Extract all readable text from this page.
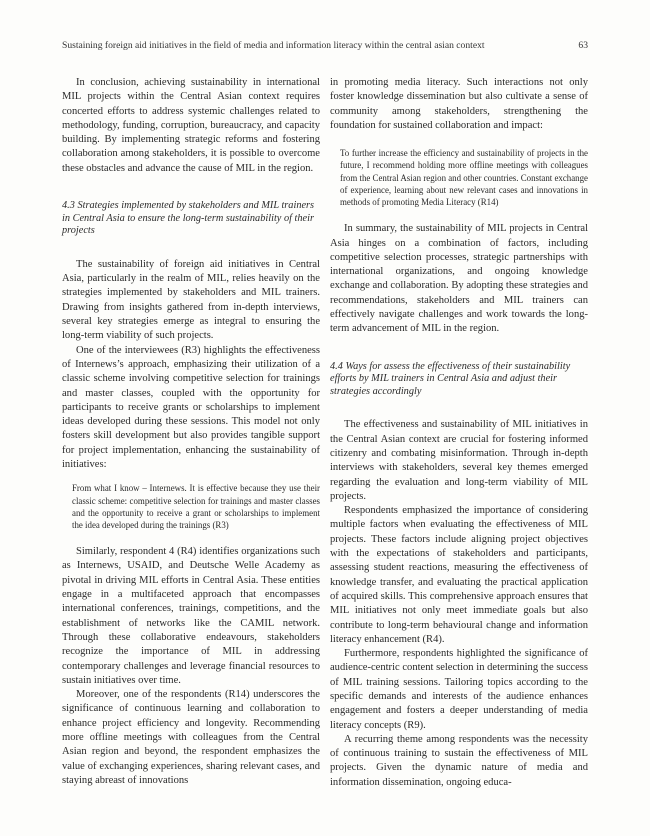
Sustaining foreign aid initiatives in the field of media and information literacy within the central asian context	63

In conclusion, achieving sustainability in international MIL projects within the Central Asian context requires concerted efforts to address systemic challenges related to methodology, funding, corruption, bureaucracy, and capacity building. By implementing strategic reforms and fostering collaboration among stakeholders, it is possible to overcome these obstacles and advance the cause of MIL in the region.

4.3 Strategies implemented by stakeholders and MIL trainers in Central Asia to ensure the long-term sustainability of their projects

The sustainability of foreign aid initiatives in Central Asia, particularly in the realm of MIL, relies heavily on the strategies implemented by stakeholders and MIL trainers. Drawing from insights gathered from in-depth interviews, several key strategies emerge as integral to ensuring the long-term viability of such projects.

One of the interviewees (R3) highlights the effectiveness of Internews’s approach, emphasizing their utilization of a classic scheme involving competitive selection for trainings and master classes, coupled with the opportunity for participants to receive grants or scholarships to implement ideas developed during these sessions. This model not only fosters skill development but also provides tangible support for project implementation, enhancing the sustainability of initiatives:

From what I know – Internews. It is effective because they use their classic scheme: competitive selection for trainings and master classes and the opportunity to receive a grant or scholarships to implement the idea developed during the trainings (R3)

Similarly, respondent 4 (R4) identifies organizations such as Internews, USAID, and Deutsche Welle Academy as pivotal in driving MIL efforts in Central Asia. These entities engage in a multifaceted approach that encompasses international conferences, trainings, competitions, and the establishment of networks like the CAMIL network. Through these collaborative endeavours, stakeholders recognize the importance of MIL in addressing contemporary challenges and leverage financial resources to sustain initiatives over time.

Moreover, one of the respondents (R14) underscores the significance of continuous learning and collaboration to enhance project efficiency and longevity. Recommending more offline meetings with colleagues from the Central Asian region and beyond, the respondent emphasizes the value of exchanging experiences, sharing relevant cases, and staying abreast of innovations

in promoting media literacy. Such interactions not only foster knowledge dissemination but also cultivate a sense of community among stakeholders, strengthening the foundation for sustained collaboration and impact:

To further increase the efficiency and sustainability of projects in the future, I recommend holding more offline meetings with colleagues from the Central Asian region and other countries. Constant exchange of experience, learning about new relevant cases and innovations in methods of promoting Media Literacy (R14)

In summary, the sustainability of MIL projects in Central Asia hinges on a combination of factors, including competitive selection processes, strategic partnerships with international organizations, and ongoing knowledge exchange and collaboration. By adopting these strategies and recommendations, stakeholders and MIL trainers can effectively navigate challenges and work towards the long-term advancement of MIL in the region.

4.4 Ways for assess the effectiveness of their sustainability efforts by MIL trainers in Central Asia and adjust their strategies accordingly

The effectiveness and sustainability of MIL initiatives in the Central Asian context are crucial for fostering informed citizenry and combating misinformation. Through in-depth interviews with stakeholders, several key themes emerged regarding the evaluation and long-term viability of MIL projects.

Respondents emphasized the importance of considering multiple factors when evaluating the effectiveness of MIL projects. These factors include aligning project objectives with the expectations of stakeholders and participants, assessing student reactions, measuring the effectiveness of knowledge transfer, and evaluating the practical application of acquired skills. This comprehensive approach ensures that MIL initiatives not only meet immediate goals but also contribute to long-term behavioural change and information literacy enhancement (R4).

Furthermore, respondents highlighted the significance of audience-centric content selection in determining the success of MIL training sessions. Tailoring topics according to the specific demands and interests of the audience enhances engagement and fosters a deeper understanding of media literacy concepts (R9).

A recurring theme among respondents was the necessity of continuous training to sustain the effectiveness of MIL projects. Given the dynamic nature of media and information dissemination, ongoing educa-
